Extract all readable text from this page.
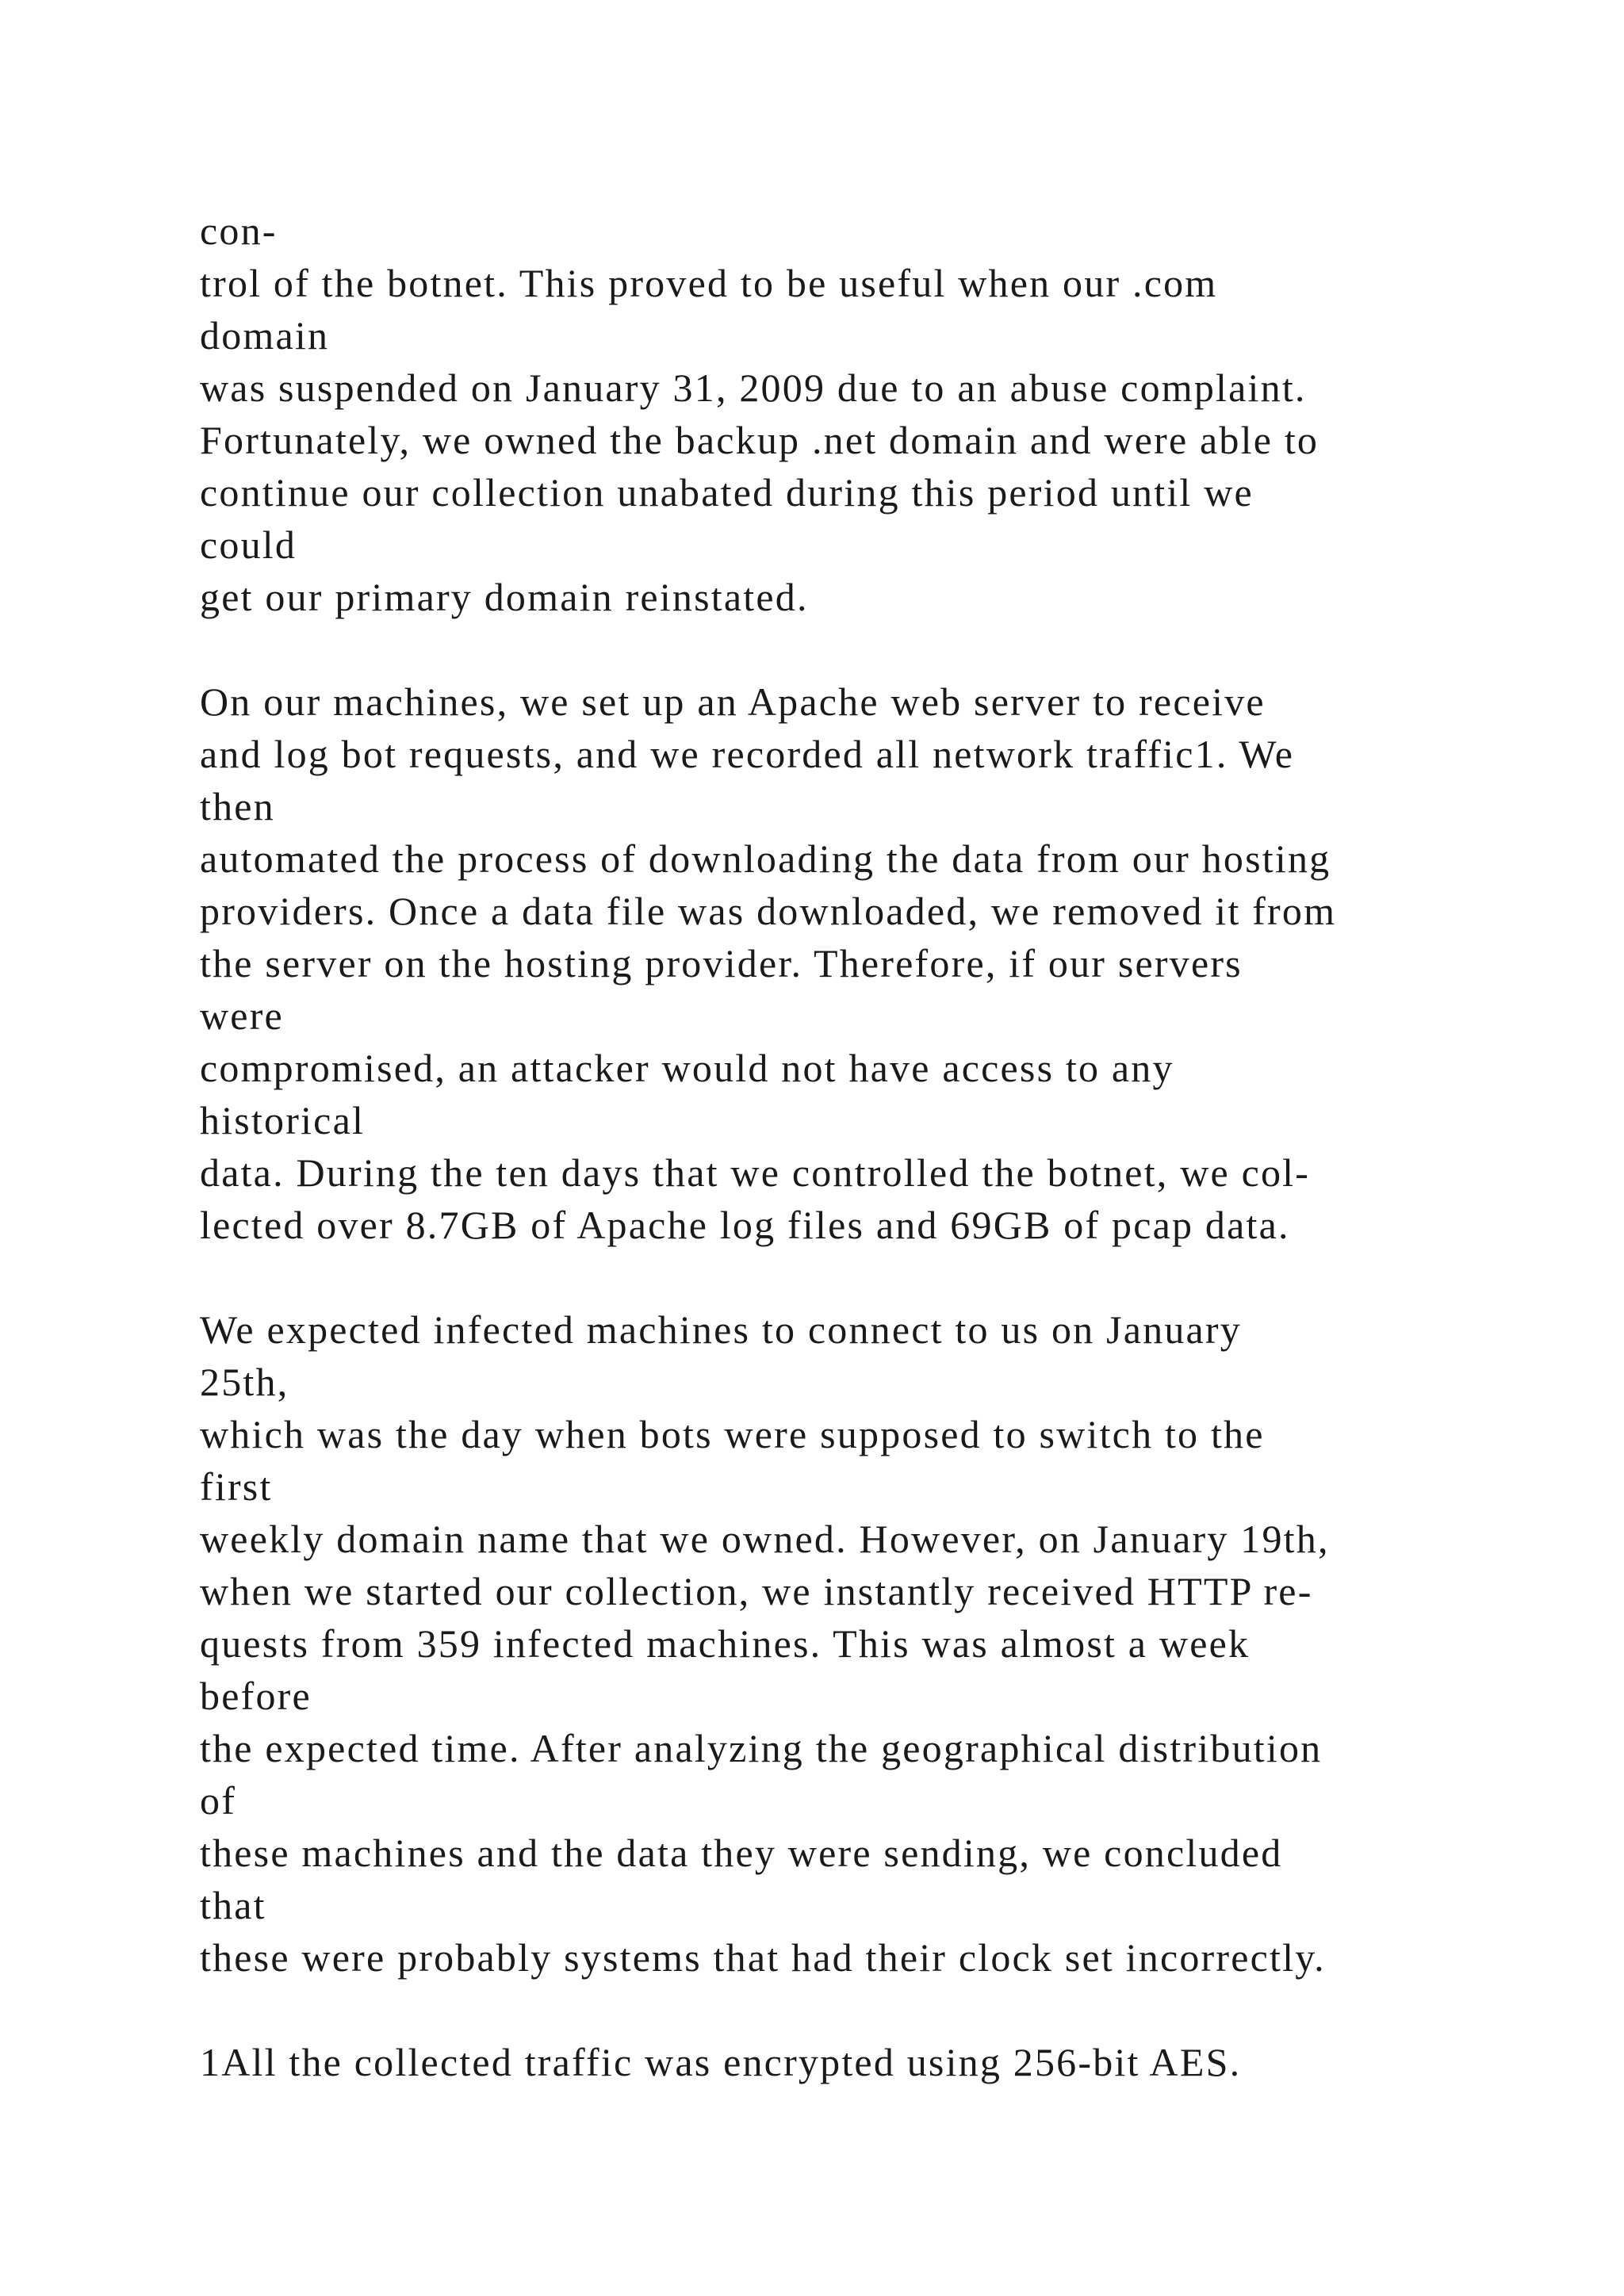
con-
trol of the botnet. This proved to be useful when our .com
domain
was suspended on January 31, 2009 due to an abuse complaint.
Fortunately, we owned the backup .net domain and were able to
continue our collection unabated during this period until we
could
get our primary domain reinstated.
On our machines, we set up an Apache web server to receive
and log bot requests, and we recorded all network traffic1. We
then
automated the process of downloading the data from our hosting
providers. Once a data file was downloaded, we removed it from
the server on the hosting provider. Therefore, if our servers
were
compromised, an attacker would not have access to any
historical
data. During the ten days that we controlled the botnet, we col-
lected over 8.7GB of Apache log files and 69GB of pcap data.
We expected infected machines to connect to us on January
25th,
which was the day when bots were supposed to switch to the
first
weekly domain name that we owned. However, on January 19th,
when we started our collection, we instantly received HTTP re-
quests from 359 infected machines. This was almost a week
before
the expected time. After analyzing the geographical distribution
of
these machines and the data they were sending, we concluded
that
these were probably systems that had their clock set incorrectly.
1All the collected traffic was encrypted using 256-bit AES.
